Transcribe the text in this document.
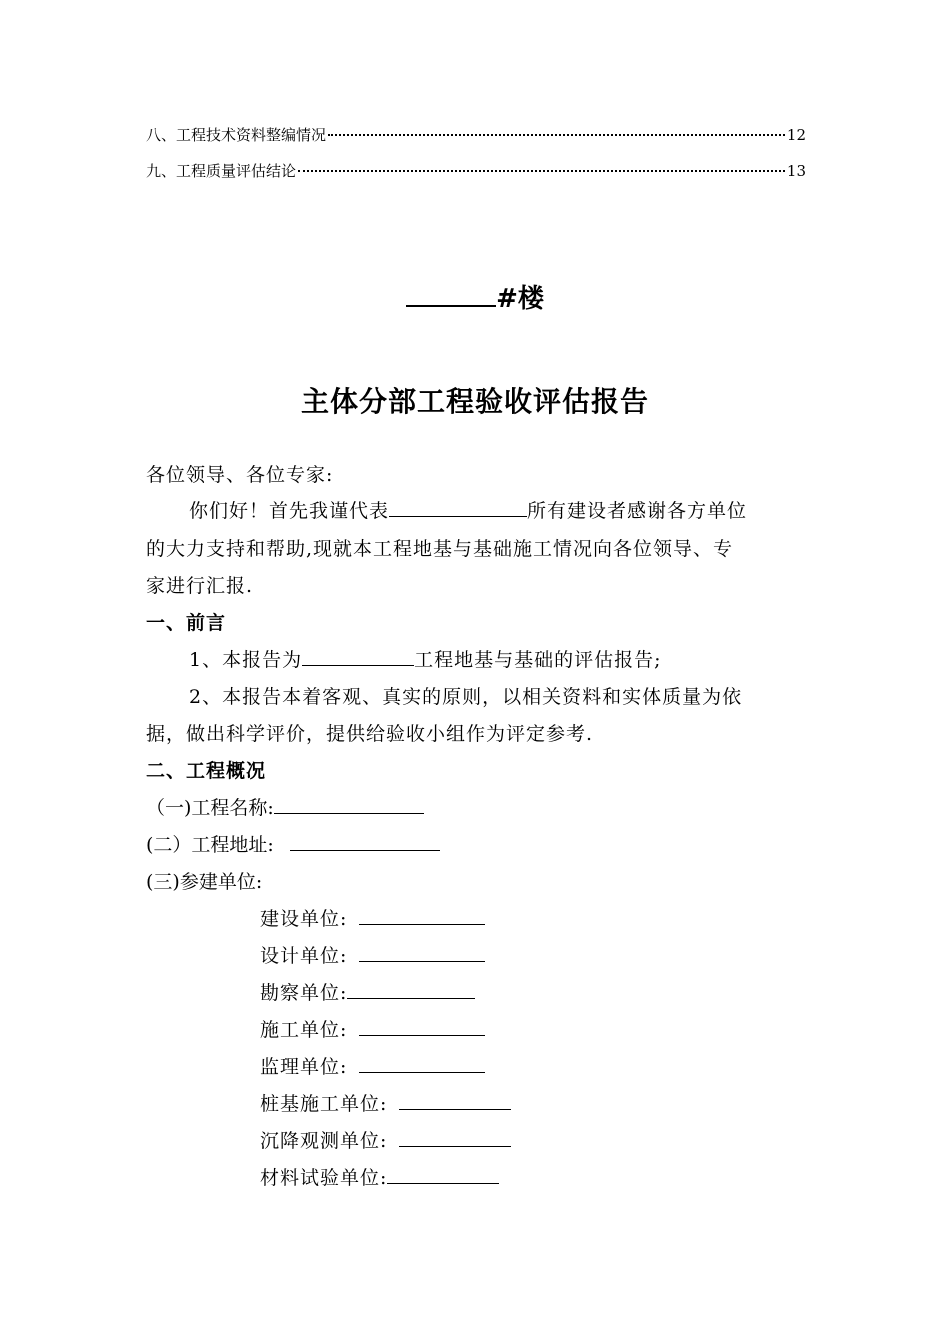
八、工程技术资料整编情况	12
九、工程质量评估结论	13
#楼
主体分部工程验收评估报告
各位领导、各位专家:
你们好！首先我谨代表	所有建设者感谢各方单位
的大力支持和帮助,现就本工程地基与基础施工情况向各位领导、专
家进行汇报.
一、前言
1、本报告为	工程地基与基础的评估报告;
2、本报告本着客观、真实的原则，以相关资料和实体质量为依
据，做出科学评价，提供给验收小组作为评定参考.
二、工程概况
（一)工程名称:
(二）工程地址:
(三)参建单位:
建设单位:
设计单位:
勘察单位:
施工单位:
监理单位:
桩基施工单位:
沉降观测单位:
材料试验单位:
